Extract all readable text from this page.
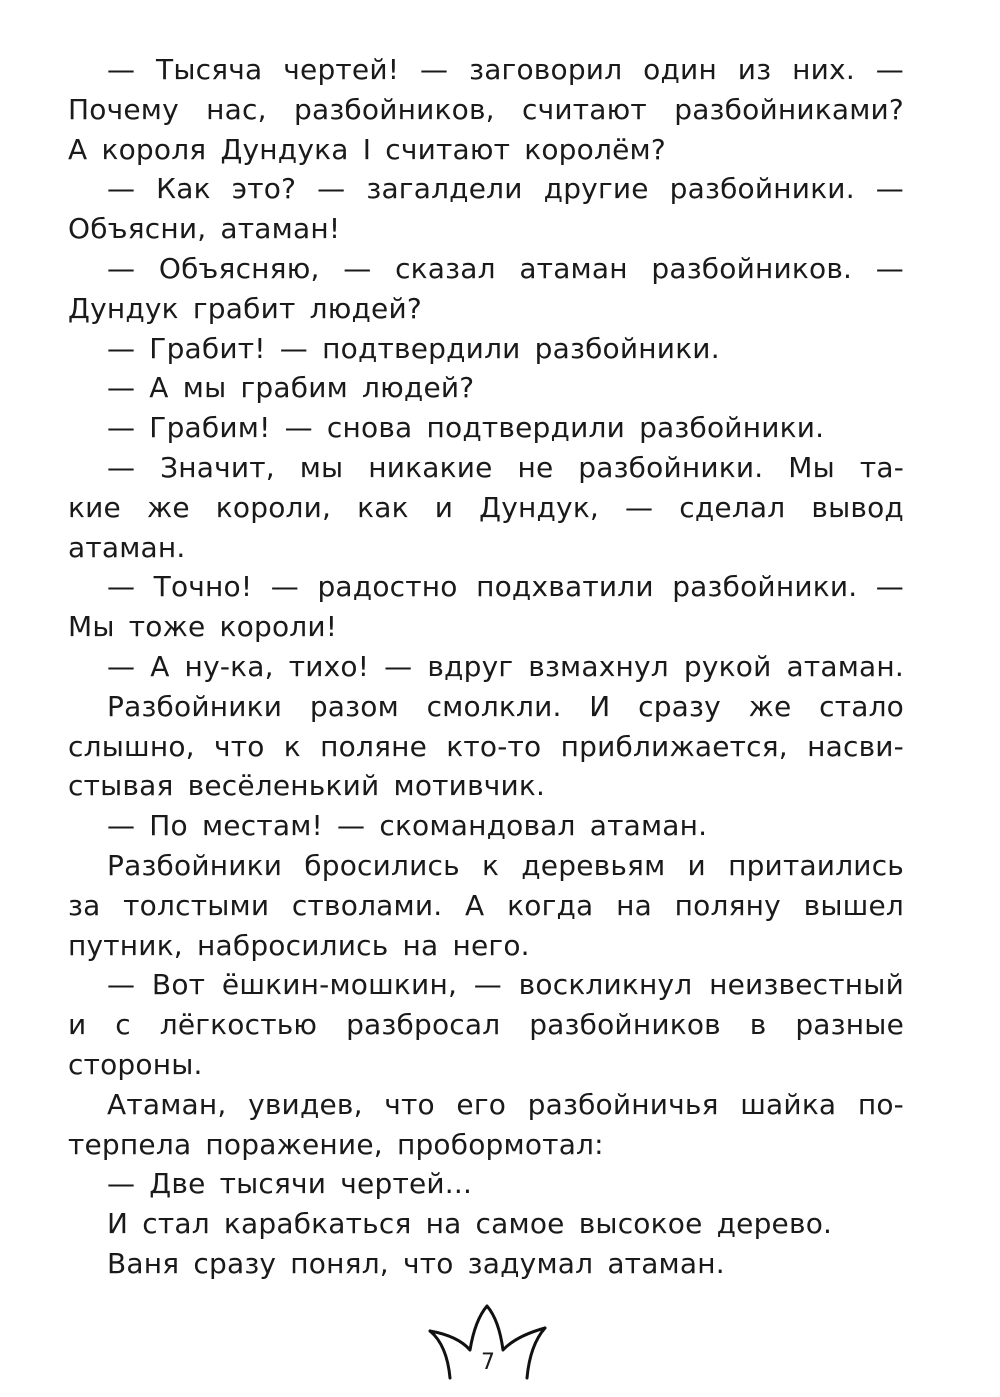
— Тысяча чертей! — заговорил один из них. —
Почему нас, разбойников, считают разбойниками?
А короля Дундука I считают королём?
— Как это? — загалдели другие разбойники. —
Объясни, атаман!
— Объясняю, — сказал атаман разбойников. —
Дундук грабит людей?
— Грабит! — подтвердили разбойники.
— А мы грабим людей?
— Грабим! — снова подтвердили разбойники.
— Значит, мы никакие не разбойники. Мы та-
кие же короли, как и Дундук, — сделал вывод
атаман.
— Точно! — радостно подхватили разбойники. —
Мы тоже короли!
— А ну-ка, тихо! — вдруг взмахнул рукой атаман.
Разбойники разом смолкли. И сразу же стало
слышно, что к поляне кто-то приближается, насви-
стывая весёленький мотивчик.
— По местам! — скомандовал атаман.
Разбойники бросились к деревьям и притаились
за толстыми стволами. А когда на поляну вышел
путник, набросились на него.
— Вот ёшкин-мошкин, — воскликнул неизвестный
и с лёгкостью разбросал разбойников в разные
стороны.
Атаман, увидев, что его разбойничья шайка по-
терпела поражение, пробормотал:
— Две тысячи чертей...
И стал карабкаться на самое высокое дерево.
Ваня сразу понял, что задумал атаман.
7
